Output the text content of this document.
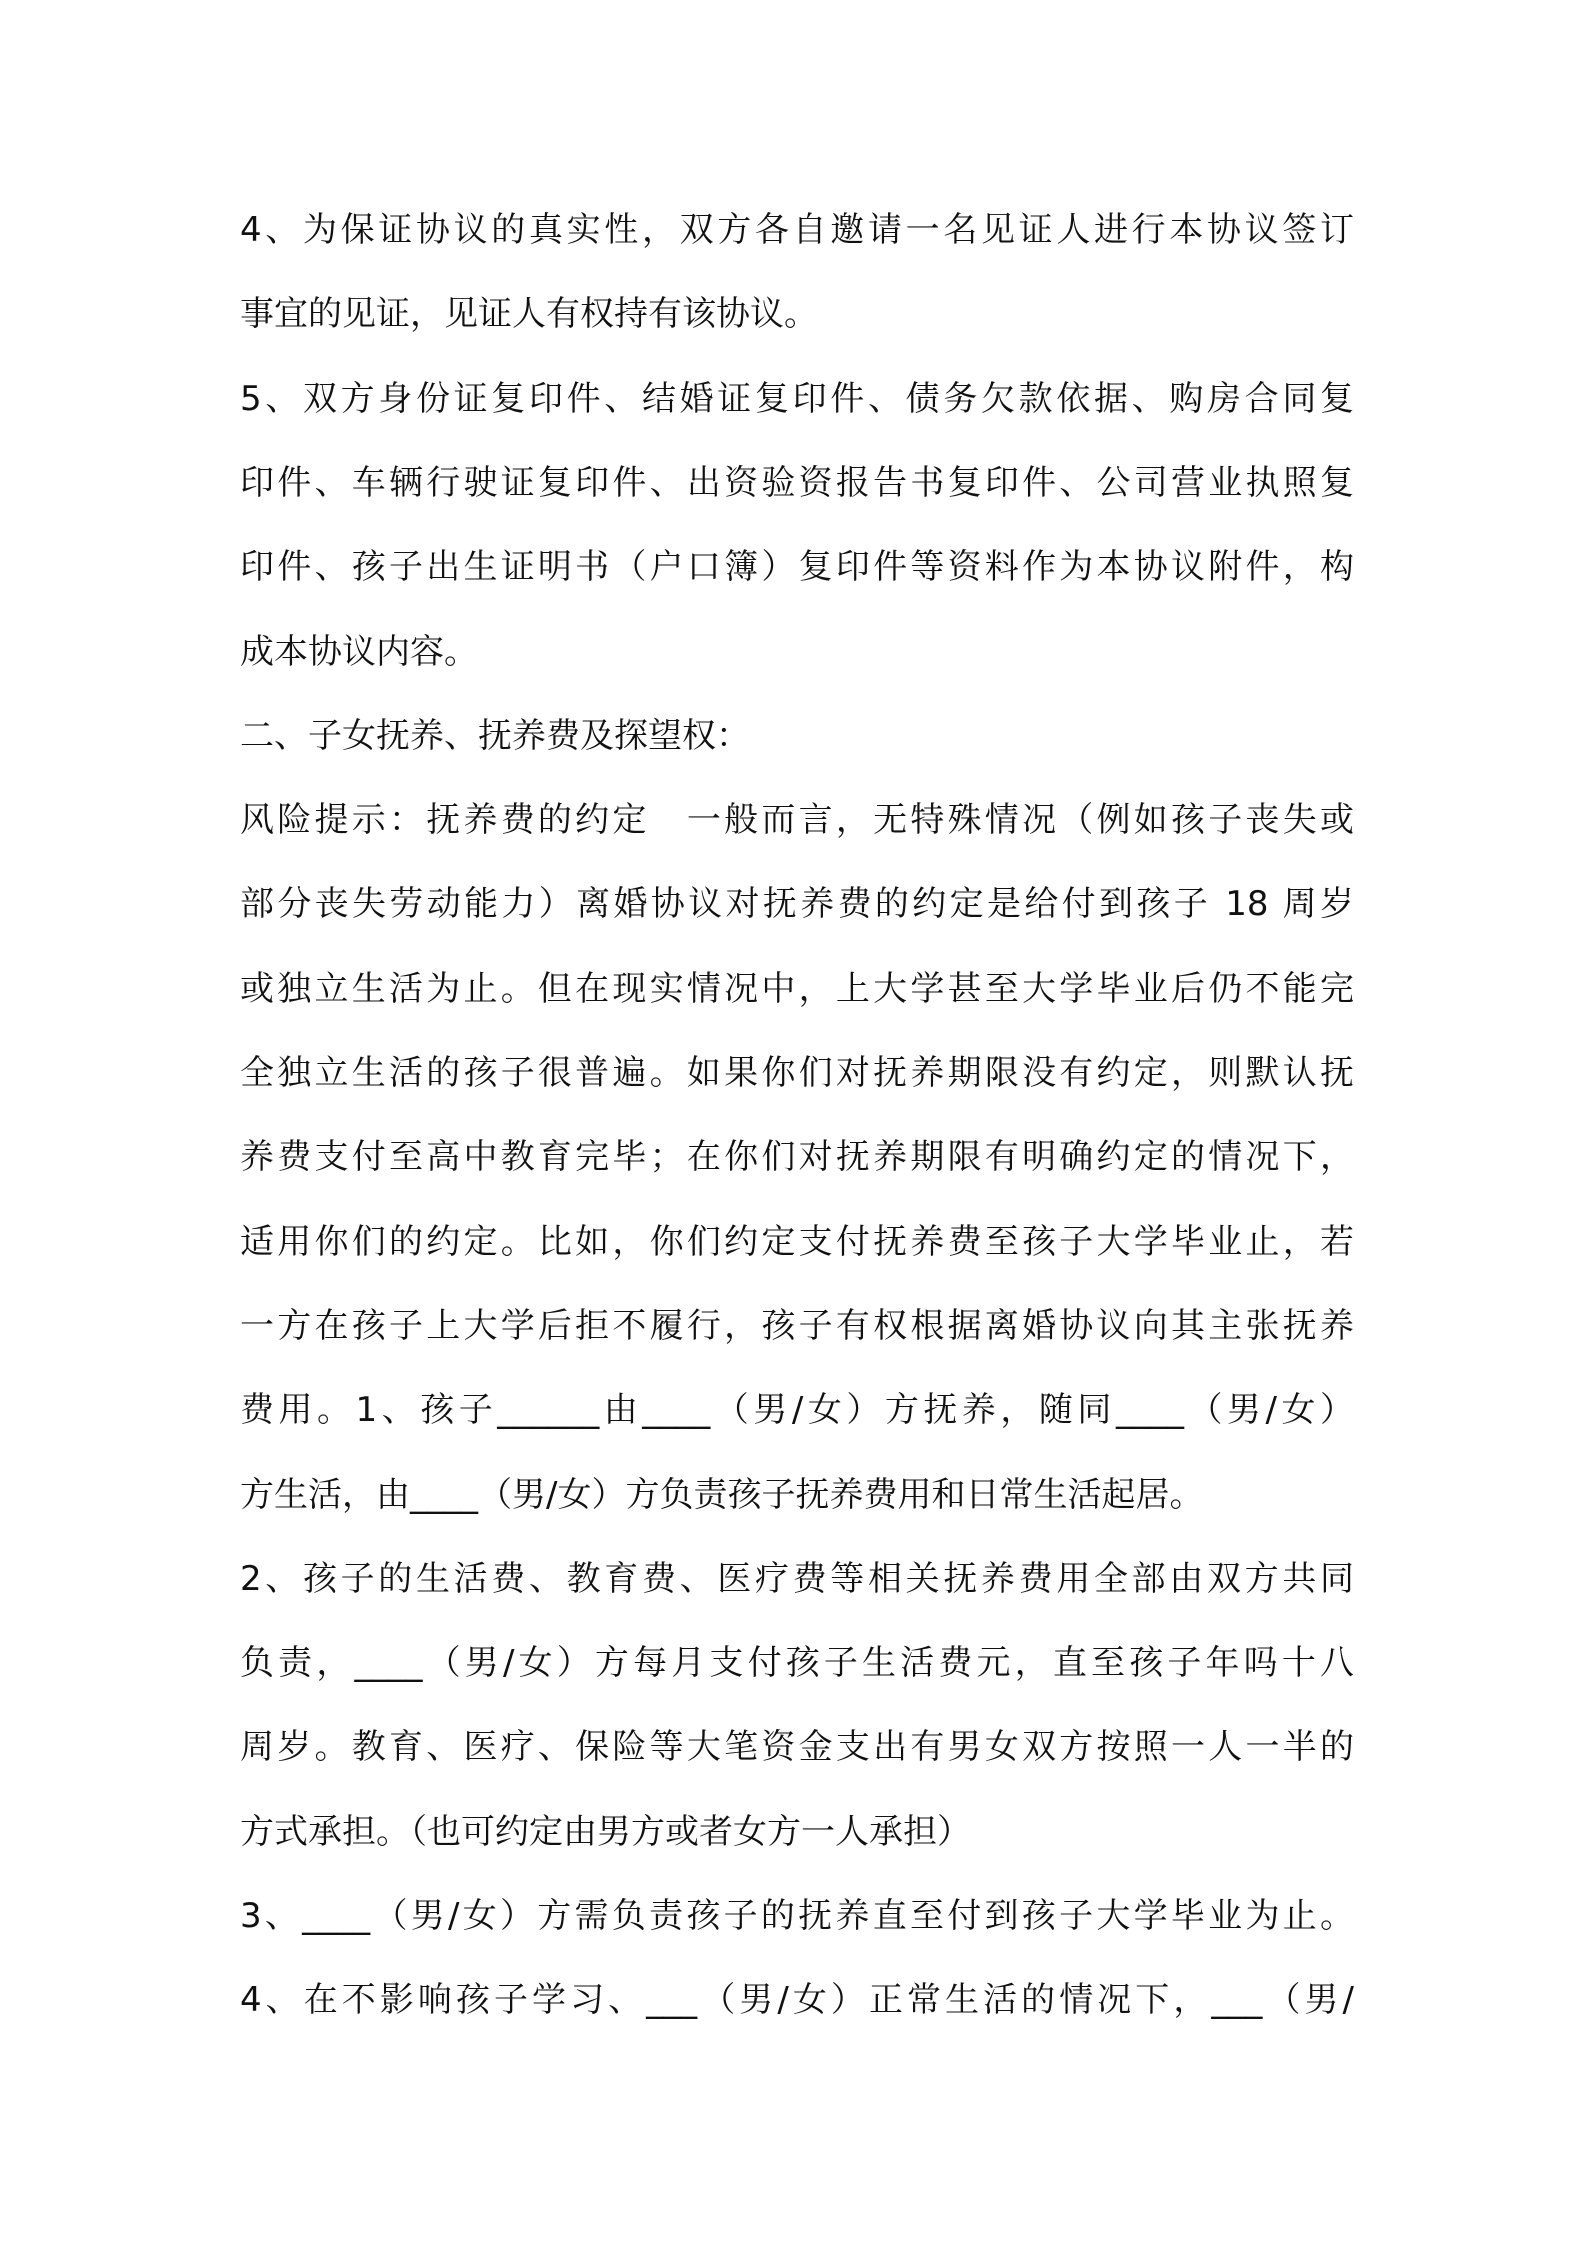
4、为保证协议的真实性，双方各自邀请一名见证人进行本协议签订
事宜的见证，见证人有权持有该协议。
5、双方身份证复印件、结婚证复印件、债务欠款依据、购房合同复
印件、车辆行驶证复印件、出资验资报告书复印件、公司营业执照复
印件、孩子出生证明书（户口簿）复印件等资料作为本协议附件，构
成本协议内容。
二、子女抚养、抚养费及探望权：
风险提示：抚养费的约定　一般而言，无特殊情况（例如孩子丧失或
部分丧失劳动能力）离婚协议对抚养费的约定是给付到孩子 18 周岁
或独立生活为止。但在现实情况中，上大学甚至大学毕业后仍不能完
全独立生活的孩子很普遍。如果你们对抚养期限没有约定，则默认抚
养费支付至高中教育完毕；在你们对抚养期限有明确约定的情况下，
适用你们的约定。比如，你们约定支付抚养费至孩子大学毕业止，若
一方在孩子上大学后拒不履行，孩子有权根据离婚协议向其主张抚养
费用。1、孩子______由____（男/女）方抚养，随同____（男/女）
方生活，由____（男/女）方负责孩子抚养费用和日常生活起居。
2、孩子的生活费、教育费、医疗费等相关抚养费用全部由双方共同
负责，____（男/女）方每月支付孩子生活费元，直至孩子年吗十八
周岁。教育、医疗、保险等大笔资金支出有男女双方按照一人一半的
方式承担。（也可约定由男方或者女方一人承担）
3、____（男/女）方需负责孩子的抚养直至付到孩子大学毕业为止。
4、在不影响孩子学习、___（男/女）正常生活的情况下，___（男/
